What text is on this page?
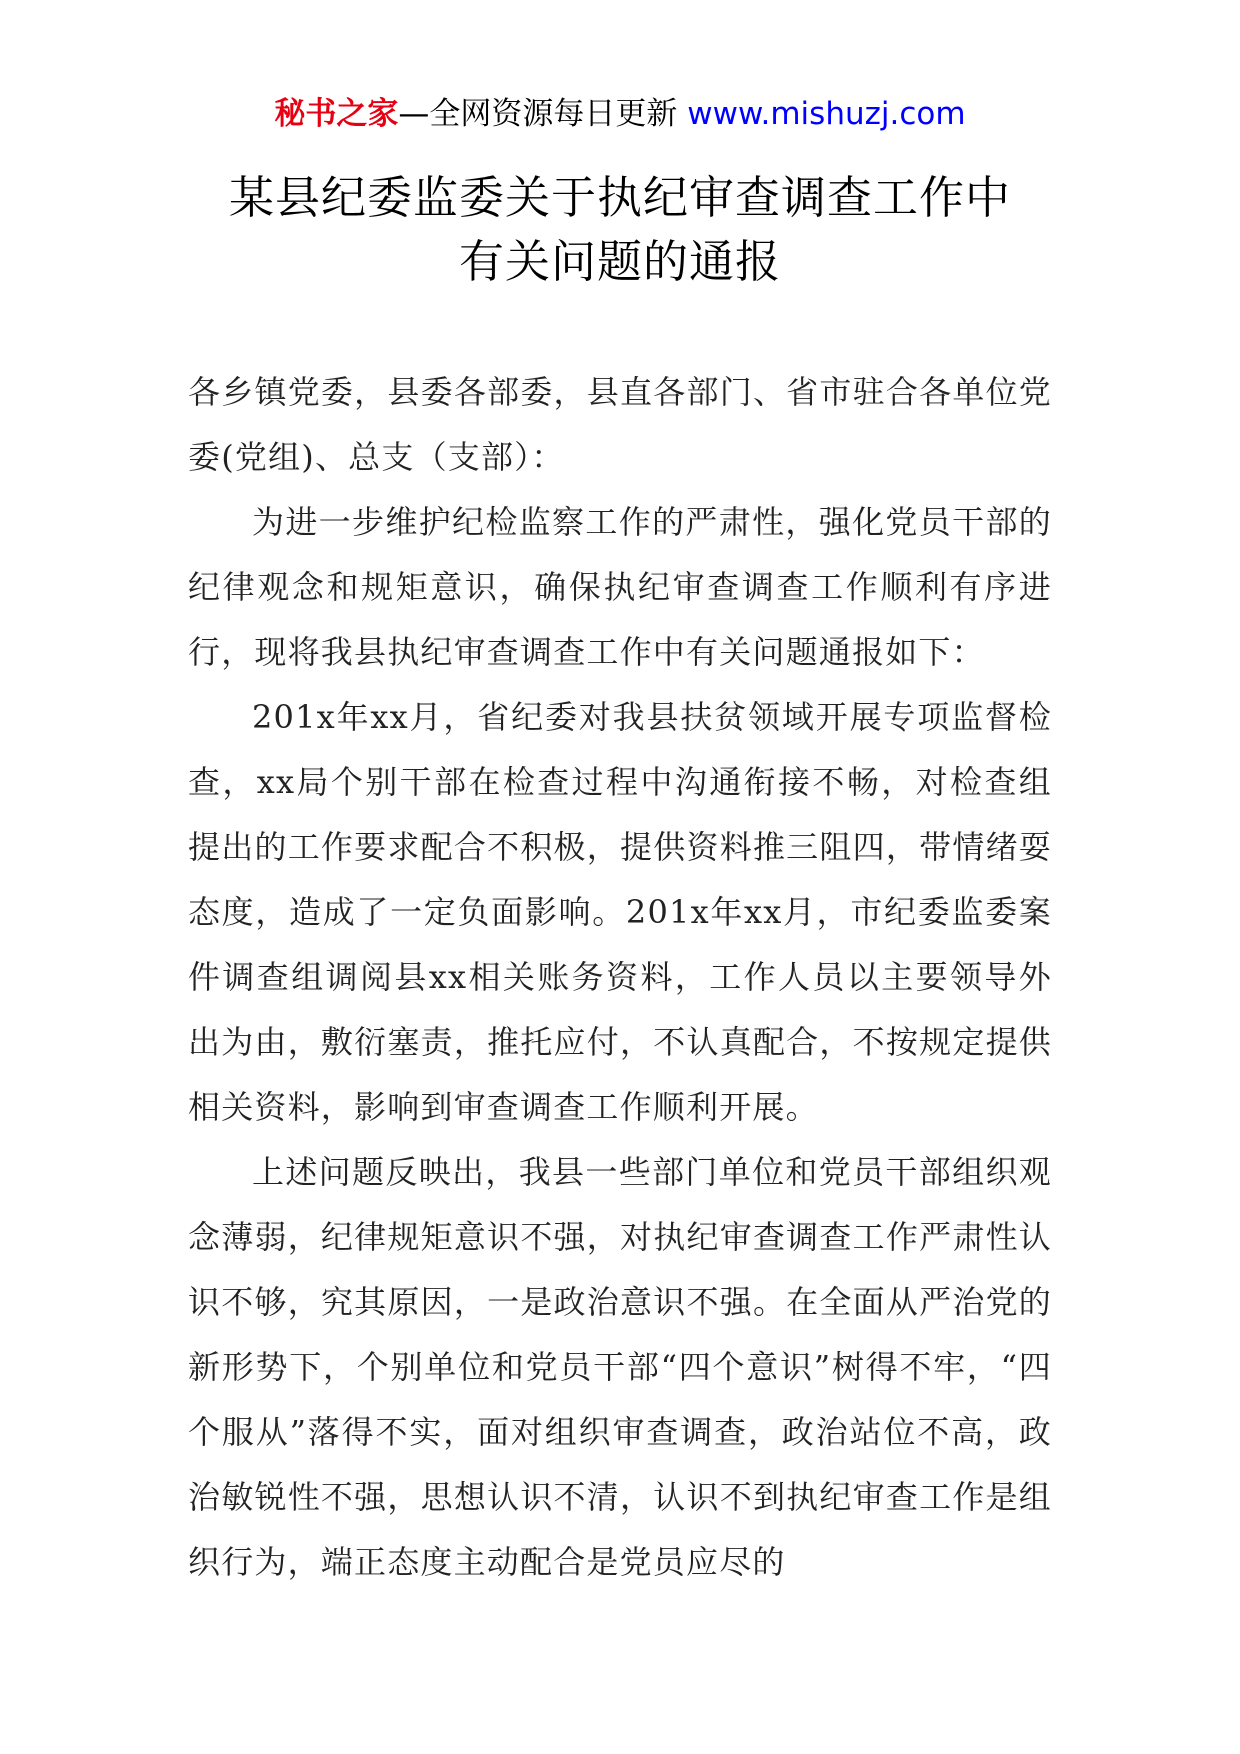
秘书之家—全网资源每日更新 www.mishuzj.com
某县纪委监委关于执纪审查调查工作中
有关问题的通报

各乡镇党委，县委各部委，县直各部门、省市驻合各单位党委(党组)、总支（支部）：

为进一步维护纪检监察工作的严肃性，强化党员干部的纪律观念和规矩意识，确保执纪审查调查工作顺利有序进行，现将我县执纪审查调查工作中有关问题通报如下：

201x年xx月，省纪委对我县扶贫领域开展专项监督检查，xx局个别干部在检查过程中沟通衔接不畅，对检查组提出的工作要求配合不积极，提供资料推三阻四，带情绪耍态度，造成了一定负面影响。201x年xx月，市纪委监委案件调查组调阅县xx相关账务资料，工作人员以主要领导外出为由，敷衍塞责，推托应付，不认真配合，不按规定提供相关资料，影响到审查调查工作顺利开展。

上述问题反映出，我县一些部门单位和党员干部组织观念薄弱，纪律规矩意识不强，对执纪审查调查工作严肃性认识不够，究其原因，一是政治意识不强。在全面从严治党的新形势下，个别单位和党员干部“四个意识”树得不牢，“四个服从”落得不实，面对组织审查调查，政治站位不高，政治敏锐性不强，思想认识不清，认识不到执纪审查工作是组织行为，端正态度主动配合是党员应尽的
